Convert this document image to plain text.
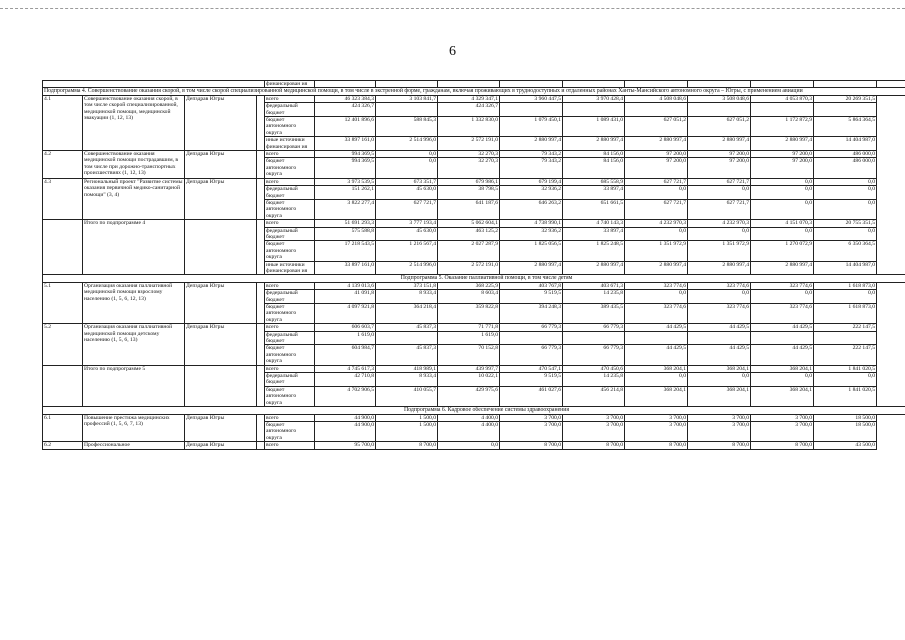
6
				финансирован ия										
Подпрограмма 4. Совершенствование оказания скорой, в том числе скорой специализированной медицинской помощи, в том числе в экстренной форме, гражданам, включая проживающих в труднодоступных и отдаленных районах Ханты-Мансийского автономного округа – Югры, с применением авиации														
4.1	Совершенствование оказания скорой, в том числе скорой специализированной, медицинской помощи, медицинской эвакуации (1, 12, 13)	Депздрав Югры		всего	46 323 384,3	3 103 841,7	4 329 347,1	3 960 447,5	3 970 428,4	4 508 048,6	3 508 048,6	4 053 870,3	20 269 351,5	
				федеральный бюджет	424 326,7		424 326,7							
				бюджет автономного округа	12 401 896,6	588 845,3	1 332 830,0	1 079 450,1	1 089 431,0	627 051,2	627 051,2	1 172 872,9	5 864 364,5	
				иные источники финансирован ия	33 897 161,0	2 514 996,0	2 572 191,0	2 880 997,4	2 880 997,4	2 880 997,4	2 880 997,4	2 880 997,4	14 404 987,0	
4.2	Совершенствование оказания медицинской помощи пострадавшим, в том числе при дорожно-транспортных происшествиях (1, 12, 13)	Депздрав Югры		всего	994 369,5	0,0	32 270,3	79 343,2	84 156,0	97 200,0	97 200,0	97 200,0	486 000,0	
				бюджет автономного округа	994 369,5	0,0	32 270,3	79 343,2	84 156,0	97 200,0	97 200,0	97 200,0	486 000,0	
4.3	Региональный проект "Развитие системы оказания первичной медико-санитарной помощи" (3, 4)	Депздрав Югры		всего	3 973 539,5	673 351,7	679 986,1	679 199,4	685 558,9	627 721,7	627 721,7	0,0	0,0	
				федеральный бюджет	151 262,1	45 630,0	38 798,5	32 936,2	33 897,4	0,0	0,0	0,0	0,0	
				бюджет автономного округа	3 822 277,4	627 721,7	641 187,6	646 263,2	651 661,5	627 721,7	627 721,7	0,0	0,0	
	Итого по подпрограмме 4			всего	51 691 293,3	3 777 193,4	5 062 604,1	4 738 990,1	4 740 143,3	4 232 970,3	4 232 970,3	4 151 070,3	20 755 351,5	
				федеральный бюджет	575 588,8	45 630,0	463 125,2	32 936,2	33 897,4	0,0	0,0	0,0	0,0	
				бюджет автономного округа	17 218 543,5	1 216 567,4	2 027 287,9	1 825 056,5	1 825 248,5	1 351 972,9	1 351 972,9	1 270 072,9	6 350 364,5	
				иные источники финансирован ия	33 897 161,0	2 514 996,0	2 572 191,0	2 880 997,4	2 880 997,4	2 880 997,4	2 880 997,4	2 880 997,4	14 404 987,0	
Подпрограмма 5. Оказание паллиативной помощи, в том числе детям														
5.1	Организация оказания паллиативной медицинской помощи взрослому населению (1, 5, 6, 12, 13)	Депздрав Югры		всего	4 139 013,6	373 151,8	368 225,9	403 767,8	403 671,3	323 774,6	323 774,6	323 774,6	1 618 873,0	
				федеральный бюджет	41 091,8	8 933,4	8 603,4	9 519,5	14 235,8	0,0	0,0	0,0	0,0	
				бюджет автономного округа	4 097 921,8	364 218,4	359 822,8	394 248,3	389 435,5	323 774,6	323 774,6	323 774,6	1 618 873,0	
5.2	Организация оказания паллиативной медицинской помощи детскому населению (1, 5, 6, 13)	Депздрав Югры		всего	606 603,7	45 837,3	71 771,8	66 779,3	66 779,3	44 429,5	44 429,5	44 429,5	222 147,5	
				федеральный бюджет	1 619,0		1 619,0							
				бюджет автономного округа	604 984,7	45 837,3	70 152,8	66 779,3	66 779,3	44 429,5	44 429,5	44 429,5	222 147,5	
	Итого по подпрограмме 5			всего	4 745 617,3	418 989,1	439 997,7	470 547,1	470 450,6	368 204,1	368 204,1	368 204,1	1 841 020,5	
				федеральный бюджет	42 710,8	8 933,4	10 022,1	9 519,5	14 235,8	0,0	0,0	0,0	0,0	
				бюджет автономного округа	4 702 906,5	410 055,7	429 975,6	461 027,6	456 214,8	368 204,1	368 204,1	368 204,1	1 841 020,5	
Подпрограмма 6. Кадровое обеспечение системы здравоохранения														
6.1	Повышение престижа медицинских профессий (1, 5, 6, 7, 13)	Депздрав Югры		всего	44 900,0	1 500,0	4 400,0	3 700,0	3 700,0	3 700,0	3 700,0	3 700,0	18 500,0	
				бюджет автономного округа	44 900,0	1 500,0	4 400,0	3 700,0	3 700,0	3 700,0	3 700,0	3 700,0	18 500,0	
6.2	Профессиональное	Депздрав Югры		всего	95 700,0	8 700,0	0,0	8 700,0	8 700,0	8 700,0	8 700,0	8 700,0	43 500,0	
